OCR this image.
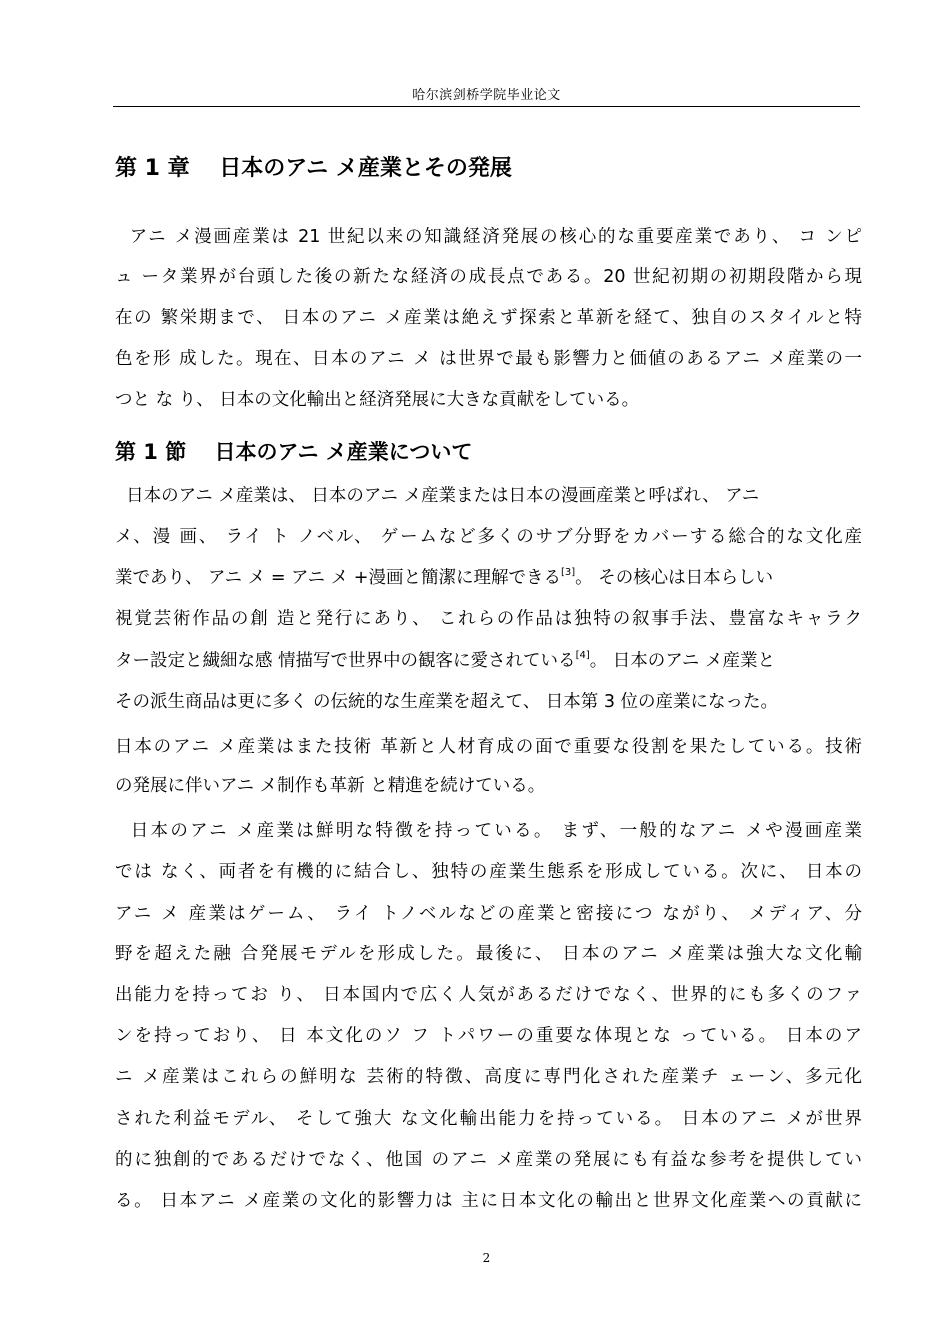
哈尔滨剑桥学院毕业论文
第 1 章　 日本のアニ メ産業とその発展
アニ メ漫画産業は 21 世紀以来の知識経済発展の核心的な重要産業であり、 コ ンピ
ュ ータ業界が台頭した後の新たな経済の成長点である。20 世紀初期の初期段階から現
在の 繁栄期まで、 日本のアニ メ産業は絶えず探索と革新を経て、独自のスタイルと特
色を形 成した。現在、日本のアニ メ は世界で最も影響力と価値のあるアニ メ産業の一
つと な り、 日本の文化輸出と経済発展に大きな貢献をしている。
第 1 節　 日本のアニ メ産業について
日本のアニ メ産業は、 日本のアニ メ産業または日本の漫画産業と呼ばれ、 アニ
メ、漫 画、 ライ ト ノベル、 ゲームなど多くのサブ分野をカバーする総合的な文化産
業であり、 アニ メ = アニ メ +漫画と簡潔に理解できる[3]。 その核心は日本らしい
視覚芸術作品の創 造と発行にあり、 これらの作品は独特の叙事手法、豊富なキャラク
ター設定と繊細な感 情描写で世界中の観客に愛されている[4]。 日本のアニ メ産業と
その派生商品は更に多く の伝統的な生産業を超えて、 日本第 3 位の産業になった。
日本のアニ メ産業はまた技術 革新と人材育成の面で重要な役割を果たしている。技術
の発展に伴いアニ メ制作も革新 と精進を続けている。
日本のアニ メ産業は鮮明な特徴を持っている。 まず、一般的なアニ メや漫画産業
では なく、両者を有機的に結合し、独特の産業生態系を形成している。次に、 日本の
アニ メ 産業はゲーム、 ライ トノベルなどの産業と密接につ ながり、 メディア、分
野を超えた融 合発展モデルを形成した。最後に、 日本のアニ メ産業は強大な文化輸
出能力を持ってお り、 日本国内で広く人気があるだけでなく、世界的にも多くのファ
ンを持っており、 日 本文化のソ フ トパワーの重要な体現とな っている。 日本のア
ニ メ産業はこれらの鮮明な 芸術的特徴、高度に専門化された産業チ ェーン、多元化
された利益モデル、 そして強大 な文化輸出能力を持っている。 日本のアニ メが世界
的に独創的であるだけでなく、他国 のアニ メ産業の発展にも有益な参考を提供してい
る。 日本アニ メ産業の文化的影響力は 主に日本文化の輸出と世界文化産業への貢献に
2
